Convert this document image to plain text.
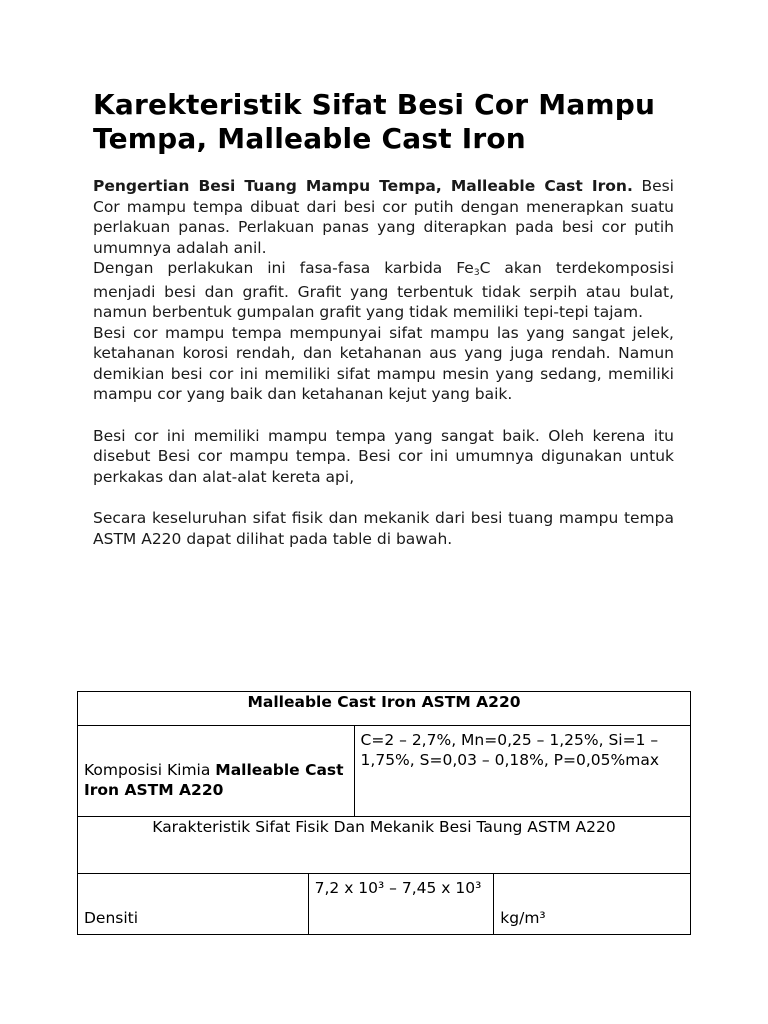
Karekteristik Sifat Besi Cor Mampu Tempa, Malleable Cast Iron

Pengertian Besi Tuang Mampu Tempa, Malleable Cast Iron. Besi Cor mampu tempa dibuat dari besi cor putih dengan menerapkan suatu perlakuan panas. Perlakuan panas yang diterapkan pada besi cor putih umumnya adalah anil.

Dengan perlakukan ini fasa-fasa karbida Fe3C akan terdekomposisi menjadi besi dan grafit. Grafit yang terbentuk tidak serpih atau bulat, namun berbentuk gumpalan grafit yang tidak memiliki tepi-tepi tajam.

Besi cor mampu tempa mempunyai sifat mampu las yang sangat jelek, ketahanan korosi rendah, dan ketahanan aus yang juga rendah. Namun demikian besi cor ini memiliki sifat mampu mesin yang sedang, memiliki mampu cor yang baik dan ketahanan kejut yang baik.

Besi cor ini memiliki mampu tempa yang sangat baik. Oleh kerena itu disebut Besi cor mampu tempa. Besi cor ini umumnya digunakan untuk perkakas dan alat-alat kereta api,

Secara keseluruhan sifat fisik dan mekanik dari besi tuang mampu tempa ASTM A220 dapat dilihat pada table di bawah.

Malleable Cast Iron ASTM A220			
Komposisi Kimia Malleable Cast Iron ASTM A220		C=2 – 2,7%, Mn=0,25 – 1,25%, Si=1 – 1,75%, S=0,03 – 0,18%, P=0,05%max	
Karakteristik Sifat Fisik Dan Mekanik Besi Taung ASTM A220			
Densiti	7,2 x 10³ – 7,45 x 10³		kg/m³
